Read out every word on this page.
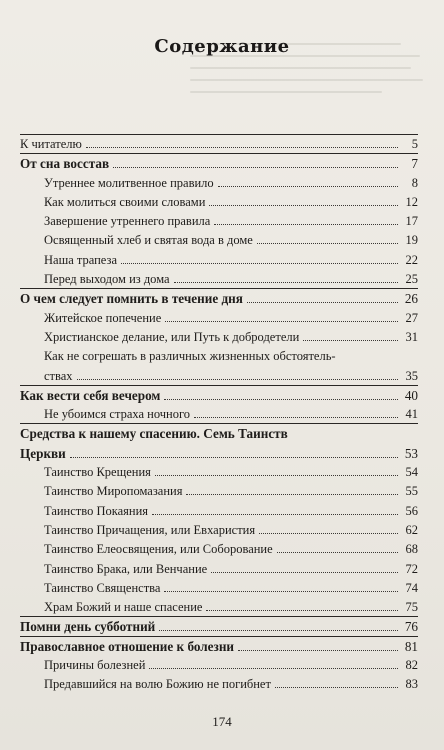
Содержание
К читателю	5
От сна восстав	7
Утреннее молитвенное правило	8
Как молиться своими словами	12
Завершение утреннего правила	17
Освященный хлеб и святая вода в доме	19
Наша трапеза	22
Перед выходом из дома	25
О чем следует помнить в течение дня	26
Житейское попечение	27
Христианское делание, или Путь к добродетели	31
Как не согрешать в различных жизненных обстоятель-
ствах	35
Как вести себя вечером	40
Не убоимся страха ночного	41
Средства к нашему спасению. Семь Таинств
Церкви	53
Таинство Крещения	54
Таинство Миропомазания	55
Таинство Покаяния	56
Таинство Причащения, или Евхаристия	62
Таинство Елеосвящения, или Соборование	68
Таинство Брака, или Венчание	72
Таинство Священства	74
Храм Божий и наше спасение	75
Помни день субботний	76
Православное отношение к болезни	81
Причины болезней	82
Предавшийся на волю Божию не погибнет	83
174
